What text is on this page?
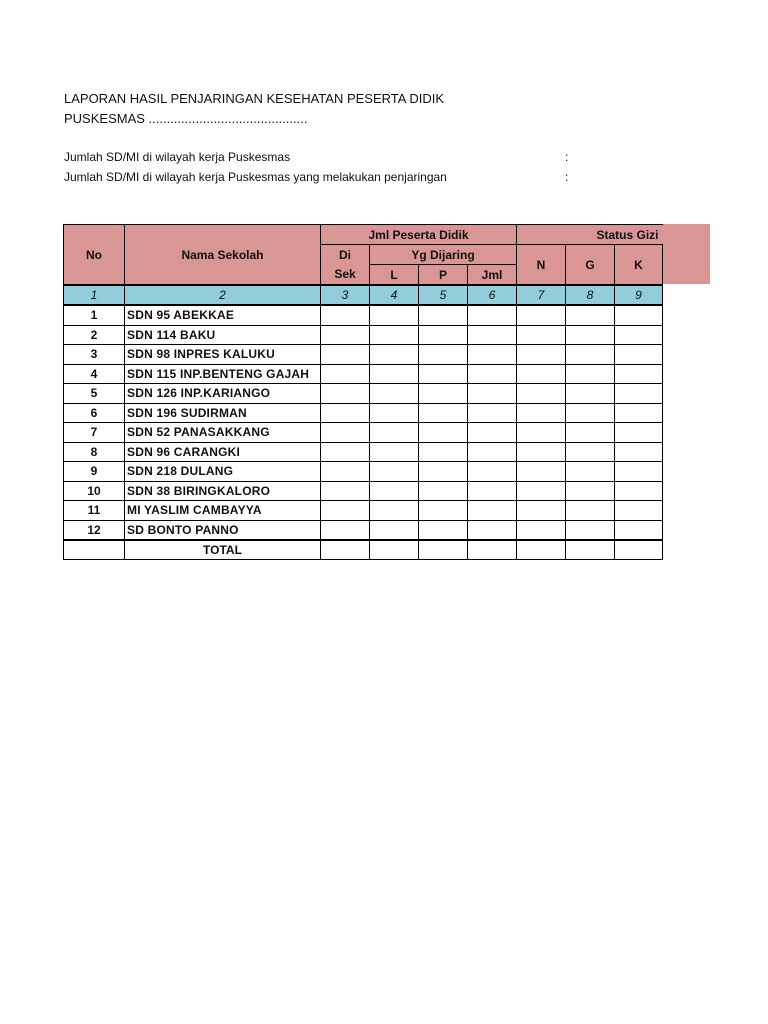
LAPORAN HASIL PENJARINGAN KESEHATAN PESERTA DIDIK
PUSKESMAS ............................................
Jumlah SD/MI di wilayah kerja Puskesmas	:
Jumlah SD/MI di wilayah kerja Puskesmas yang melakukan penjaringan	:
No	Nama Sekolah	Jml Peserta Didik				Status Gizi		
		Di	Yg Dijaring			N	G	K
		Sek	L	P	Jml			
1	2	3	4	5	6	7	8	9
1	SDN 95 ABEKKAE							
2	SDN 114 BAKU							
3	SDN 98 INPRES KALUKU							
4	SDN 115 INP.BENTENG GAJAH							
5	SDN 126 INP.KARIANGO							
6	SDN 196 SUDIRMAN							
7	SDN 52 PANASAKKANG							
8	SDN 96 CARANGKI							
9	SDN 218 DULANG							
10	SDN 38 BIRINGKALORO							
11	MI YASLIM CAMBAYYA							
12	SD BONTO PANNO							
	TOTAL							
